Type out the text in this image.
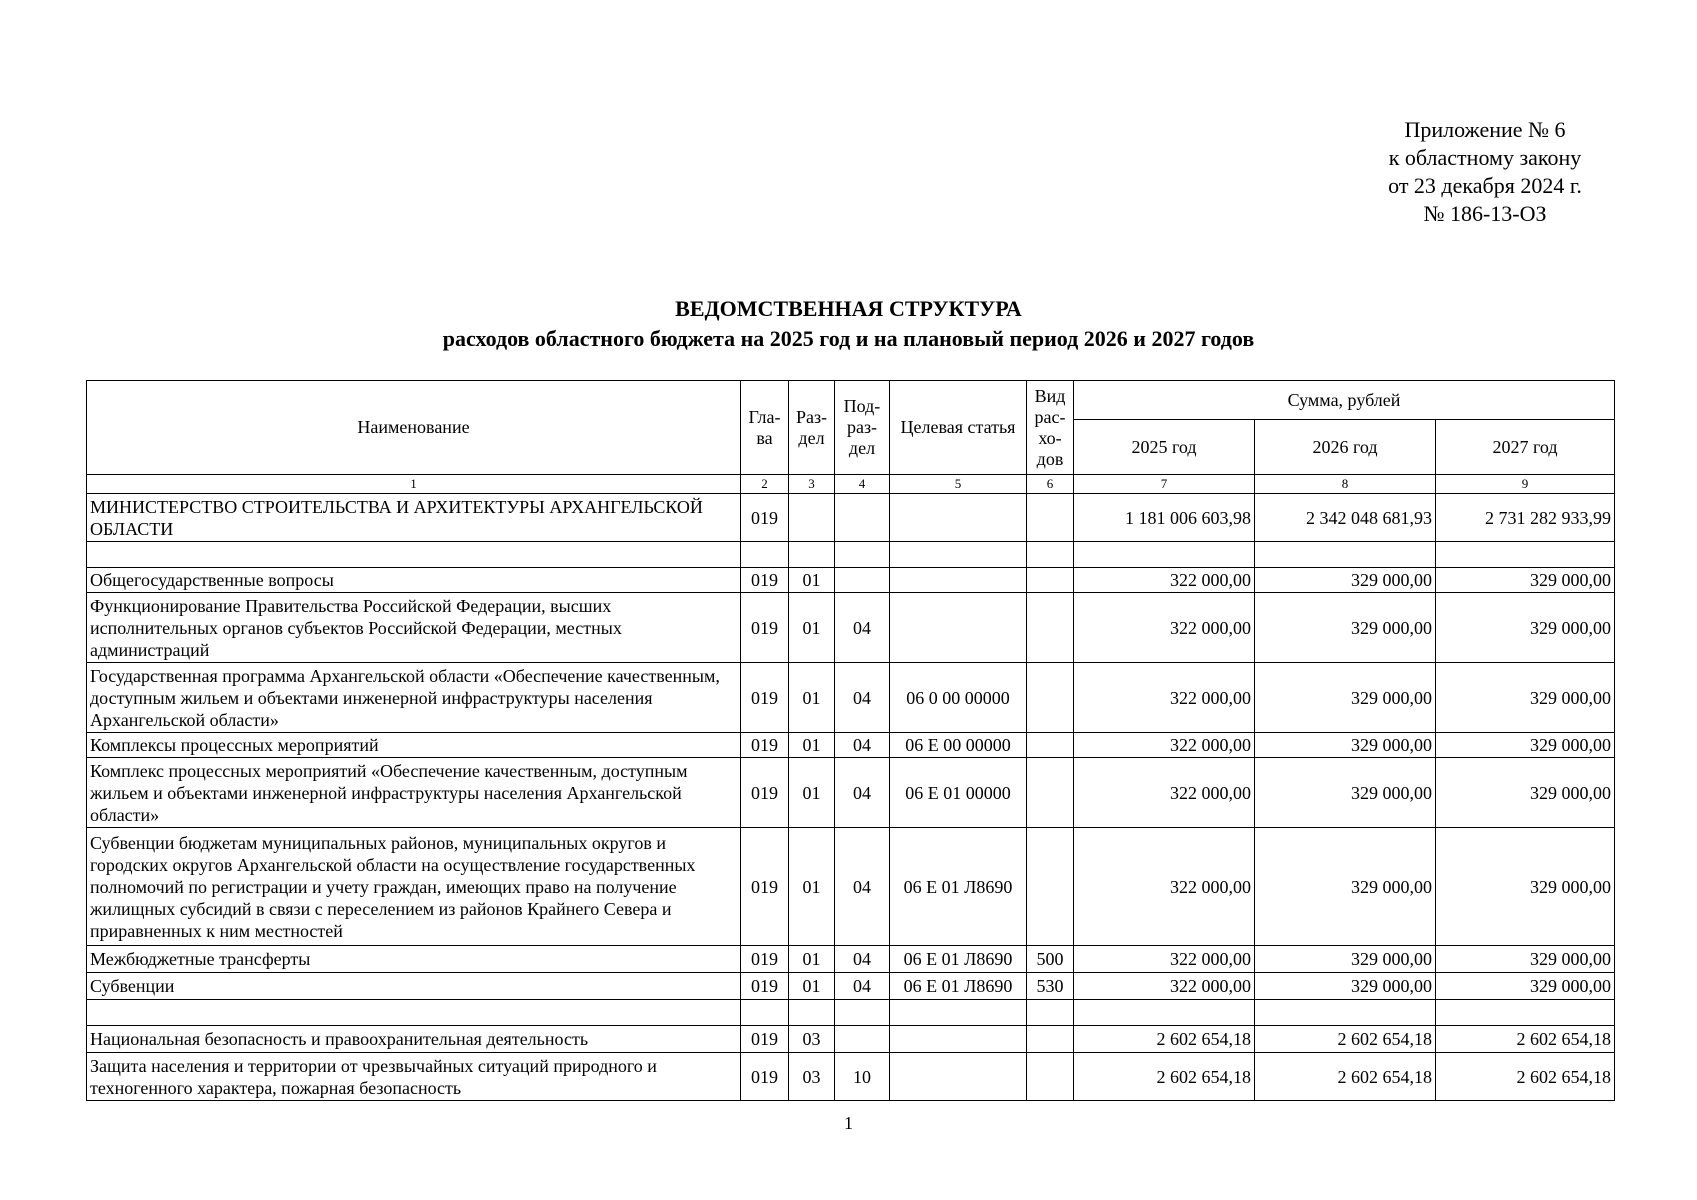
Приложение № 6
к областному закону
от 23 декабря 2024 г.
№ 186-13-ОЗ
ВЕДОМСТВЕННАЯ СТРУКТУРА
расходов областного бюджета на 2025 год и на плановый период 2026 и 2027 годов
Наименование	Гла-ва	Раз-дел	Под-раз-дел	Целевая статья	Вид рас-хо-дов	Сумма, рублей		
						2025 год	2026 год	2027 год
1	2	3	4	5	6	7	8	9
МИНИСТЕРСТВО СТРОИТЕЛЬСТВА И АРХИТЕКТУРЫ АРХАНГЕЛЬСКОЙ ОБЛАСТИ	019					1 181 006 603,98	2 342 048 681,93	2 731 282 933,99

Общегосударственные вопросы	019	01				322 000,00	329 000,00	329 000,00
Функционирование Правительства Российской Федерации, высших исполнительных органов субъектов Российской Федерации, местных администраций	019	01	04			322 000,00	329 000,00	329 000,00
Государственная программа Архангельской области «Обеспечение качественным, доступным жильем и объектами инженерной инфраструктуры населения Архангельской области»	019	01	04	06 0 00 00000		322 000,00	329 000,00	329 000,00
Комплексы процессных мероприятий	019	01	04	06 Е 00 00000		322 000,00	329 000,00	329 000,00
Комплекс процессных мероприятий «Обеспечение качественным, доступным жильем и объектами инженерной инфраструктуры населения Архангельской области»	019	01	04	06 Е 01 00000		322 000,00	329 000,00	329 000,00
Субвенции бюджетам муниципальных районов, муниципальных округов и городских округов Архангельской области на осуществление государственных полномочий по регистрации и учету граждан, имеющих право на получение жилищных субсидий в связи с переселением из районов Крайнего Севера и приравненных к ним местностей	019	01	04	06 Е 01 Л8690		322 000,00	329 000,00	329 000,00
Межбюджетные трансферты	019	01	04	06 Е 01 Л8690	500	322 000,00	329 000,00	329 000,00
Субвенции	019	01	04	06 Е 01 Л8690	530	322 000,00	329 000,00	329 000,00

Национальная безопасность и правоохранительная деятельность	019	03				2 602 654,18	2 602 654,18	2 602 654,18
Защита населения и территории от чрезвычайных ситуаций природного и техногенного характера, пожарная безопасность	019	03	10			2 602 654,18	2 602 654,18	2 602 654,18
1
